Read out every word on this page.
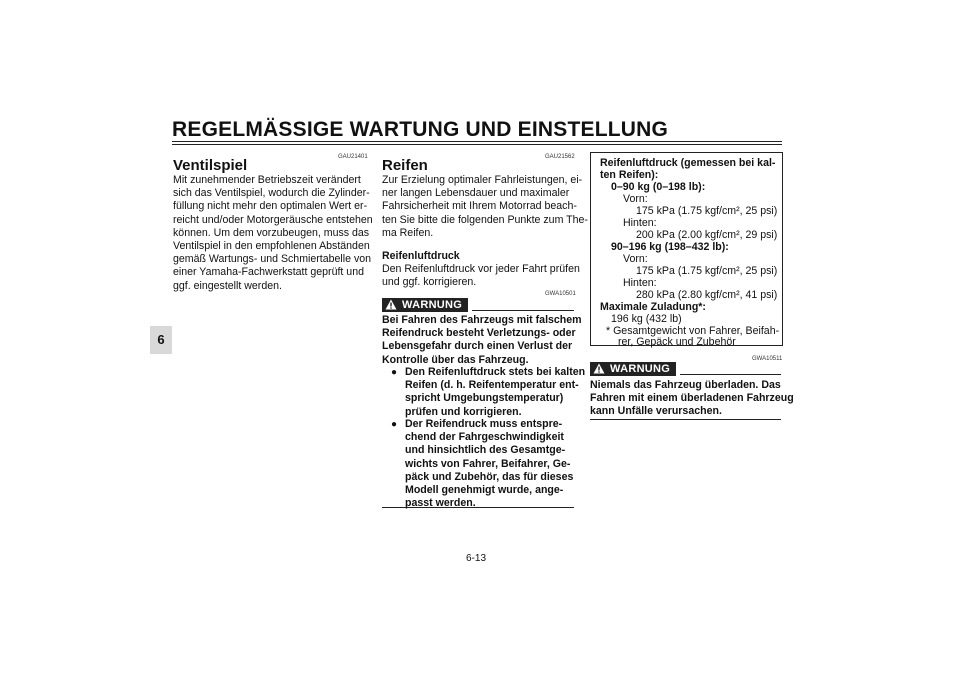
REGELMÄSSIGE WARTUNG UND EINSTELLUNG
6
GAU21401
Ventilspiel
Mit zunehmender Betriebszeit verändert
sich das Ventilspiel, wodurch die Zylinder-
füllung nicht mehr den optimalen Wert er-
reicht und/oder Motorgeräusche entstehen
können. Um dem vorzubeugen, muss das
Ventilspiel in den empfohlenen Abständen
gemäß Wartungs- und Schmiertabelle von
einer Yamaha-Fachwerkstatt geprüft und
ggf. eingestellt werden.
GAU21562
Reifen
Zur Erzielung optimaler Fahrleistungen, ei-
ner langen Lebensdauer und maximaler
Fahrsicherheit mit Ihrem Motorrad beach-
ten Sie bitte die folgenden Punkte zum The-
ma Reifen.
Reifenluftdruck
Den Reifenluftdruck vor jeder Fahrt prüfen
und ggf. korrigieren.
WARNUNG
GWA10501
Bei Fahren des Fahrzeugs mit falschem
Reifendruck besteht Verletzungs- oder
Lebensgefahr durch einen Verlust der
Kontrolle über das Fahrzeug.
● Den Reifenluftdruck stets bei kalten
Reifen (d. h. Reifentemperatur ent-
spricht Umgebungstemperatur)
prüfen und korrigieren.
● Der Reifendruck muss entspre-
chend der Fahrgeschwindigkeit
und hinsichtlich des Gesamtge-
wichts von Fahrer, Beifahrer, Ge-
päck und Zubehör, das für dieses
Modell genehmigt wurde, ange-
passt werden.
Reifenluftdruck (gemessen bei kal-
ten Reifen):
0–90 kg (0–198 lb):
Vorn:
175 kPa (1.75 kgf/cm², 25 psi)
Hinten:
200 kPa (2.00 kgf/cm², 29 psi)
90–196 kg (198–432 lb):
Vorn:
175 kPa (1.75 kgf/cm², 25 psi)
Hinten:
280 kPa (2.80 kgf/cm², 41 psi)
Maximale Zuladung*:
196 kg (432 lb)
* Gesamtgewicht von Fahrer, Beifah-
rer, Gepäck und Zubehör
GWA10511
WARNUNG
Niemals das Fahrzeug überladen. Das
Fahren mit einem überladenen Fahrzeug
kann Unfälle verursachen.
6-13
